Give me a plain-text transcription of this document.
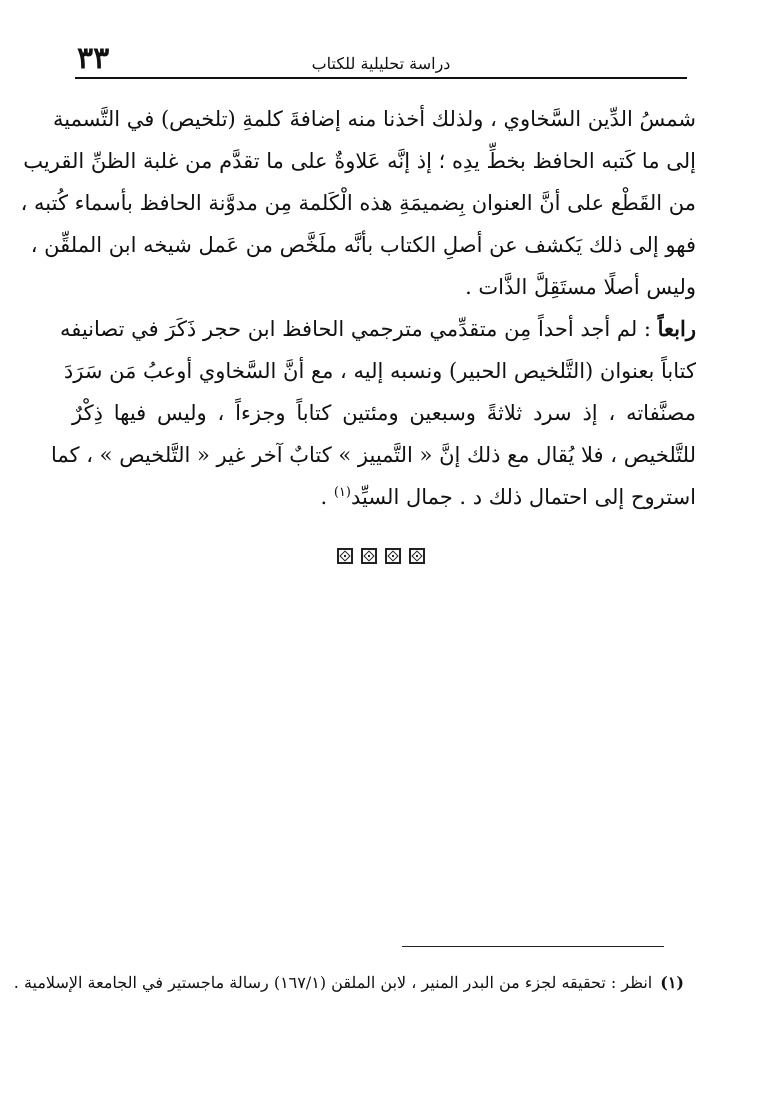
٣٣	دراسة تحليلية للكتاب
شمسُ الدِّين السَّخاوي ، ولذلك أخذنا منه إضافةَ كلمةِ (تلخيص) في التَّسمية
إلى ما كَتبه الحافظ بخطِّ يدِه ؛ إذ إنَّه عَلاوةٌ على ما تقدَّم من غلبة الظنِّ القريب
من القَطْع على أنَّ العنوان بِضميمَةِ هذه الْكَلمة مِن مدوَّنة الحافظ بأسماء كُتبه ،
فهو إلى ذلك يَكشف عن أصلِ الكتاب بأنَّه ملَخَّص من عَمل شيخه ابن الملقِّن ،
وليس أصلًا مستَقِلَّ الذَّات .
رابعاً : لم أجد أحداً مِن متقدِّمي مترجمي الحافظ ابن حجر ذَكَرَ في تصانيفه
كتاباً بعنوان (التَّلخيص الحبير) ونسبه إليه ، مع أنَّ السَّخاوي أوعبُ مَن سَرَدَ
مصنَّفاته ، إذ سرد ثلاثةً وسبعين ومئتين كتاباً وجزءاً ، وليس فيها ذِكْرٌ
للتَّلخيص ، فلا يُقال مع ذلك إنَّ « التَّمييز » كتابٌ آخر غير « التَّلخيص » ، كما
استروح إلى احتمال ذلك د . جمال السيِّد$^{(١)}$ .
(١)انظر : تحقيقه لجزء من البدر المنير ، لابن الملقن (١٦٧/١) رسالة ماجستير في الجامعة الإسلامية .
